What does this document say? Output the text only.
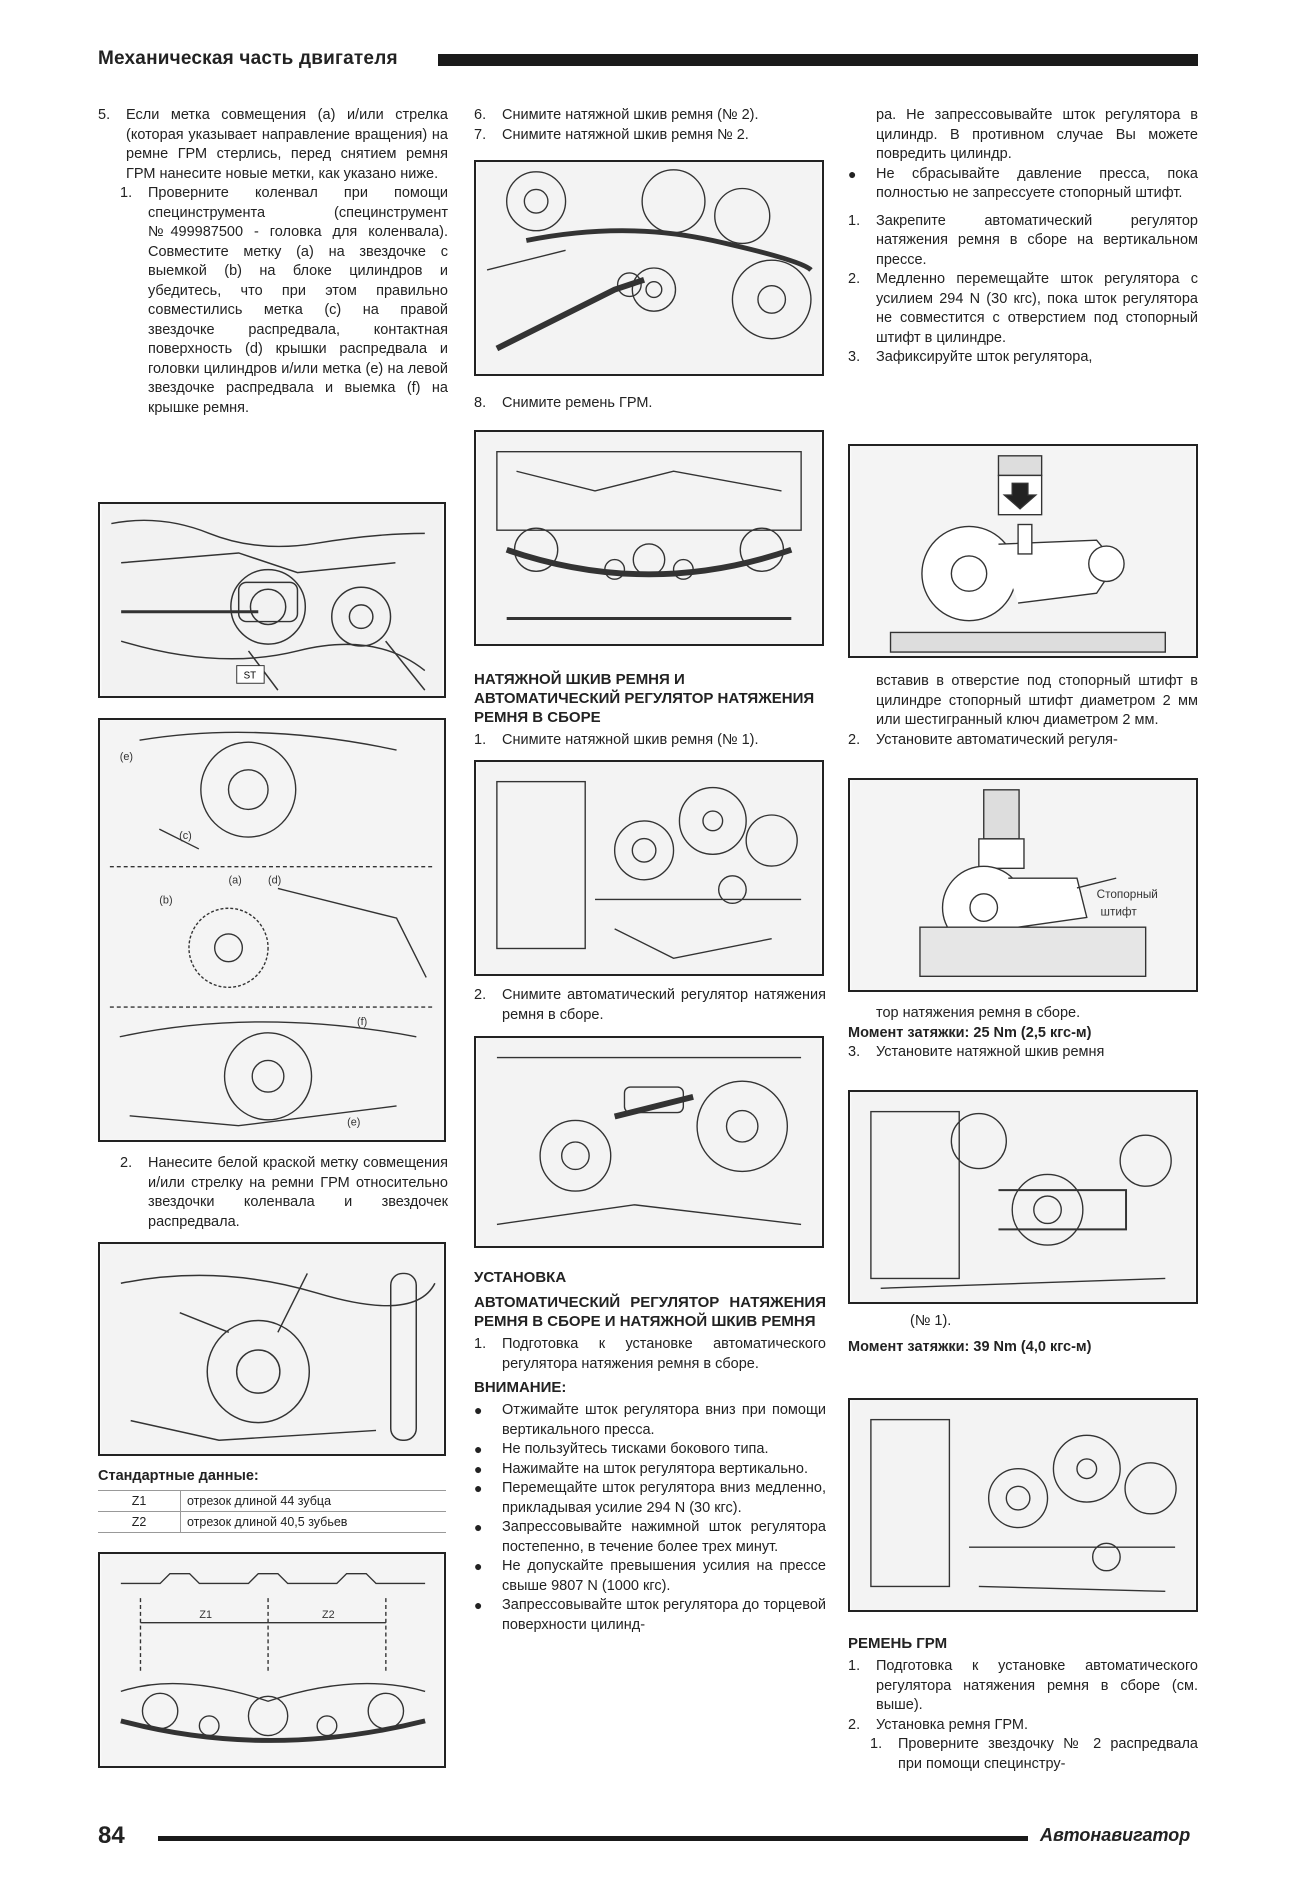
Механическая часть двигателя
5.	Если метка совмещения (a) и/или стрелка (которая указывает направление вращения) на ремне ГРМ стерлись, перед снятием ремня ГРМ нанесите новые метки, как указано ниже.
1.	Проверните коленвал при помощи специнструмента (специнструмент №499987500 - головка для коленвала). Совместите метку (a) на звездочке с выемкой (b) на блоке цилиндров и убедитесь, что при этом правильно совместились метка (c) на правой звездочке распредвала, контактная поверхность (d) крышки распредвала и головки цилиндров и/или метка (e) на левой звездочке распредвала и выемка (f) на крышке ремня.
ST
(e)
(c)
(a) (d)
(b)
(f)
(e)
2.	Нанесите белой краской метку совмещения и/или стрелку на ремни ГРМ относительно звездочки коленвала и звездочек распредвала.
Стандартные данные:
Z1	отрезок длиной 44 зубца
Z2	отрезок длиной 40,5 зубьев
Z1	Z2
6.	Снимите натяжной шкив ремня (№ 2).
7.	Снимите натяжной шкив ремня № 2.
8.	Снимите ремень ГРМ.
НАТЯЖНОЙ ШКИВ РЕМНЯ И АВТОМАТИЧЕСКИЙ РЕГУЛЯТОР НАТЯЖЕНИЯ РЕМНЯ В СБОРЕ
1.	Снимите натяжной шкив ремня (№ 1).
2.	Снимите автоматический регулятор натяжения ремня в сборе.
УСТАНОВКА
АВТОМАТИЧЕСКИЙ РЕГУЛЯТОР НАТЯЖЕНИЯ РЕМНЯ В СБОРЕ И НАТЯЖНОЙ ШКИВ РЕМНЯ
1.	Подготовка к установке автоматического регулятора натяжения ремня в сборе.
ВНИМАНИЕ:
●	Отжимайте шток регулятора вниз при помощи вертикального пресса.
●	Не пользуйтесь тисками бокового типа.
●	Нажимайте на шток регулятора вертикально.
●	Перемещайте шток регулятора вниз медленно, прикладывая усилие 294 N (30 кгс).
●	Запрессовывайте нажимной шток регулятора постепенно, в течение более трех минут.
●	Не допускайте превышения усилия на прессе свыше 9807 N (1000 кгс).
●	Запрессовывайте шток регулятора до торцевой поверхности цилинд-
ра. Не запрессовывайте шток регулятора в цилиндр. В противном случае Вы можете повредить цилиндр.
●	Не сбрасывайте давление пресса, пока полностью не запрессуете стопорный штифт.
1.	Закрепите автоматический регулятор натяжения ремня в сборе на вертикальном прессе.
2.	Медленно перемещайте шток регулятора с усилием 294 N (30 кгс), пока шток регулятора не совместится с отверстием под стопорный штифт в цилиндре.
3.	Зафиксируйте шток регулятора,
вставив в отверстие под стопорный штифт в цилиндре стопорный штифт диаметром 2 мм или шестигранный ключ диаметром 2 мм.
2.	Установите автоматический регуля-
Стопорный
штифт
тор натяжения ремня в сборе.
Момент затяжки: 25 Nm (2,5 кгс-м)
3.	Установите натяжной шкив ремня
(№ 1).
Момент затяжки: 39 Nm (4,0 кгс-м)
РЕМЕНЬ ГРМ
1.	Подготовка к установке автоматического регулятора натяжения ремня в сборе (см. выше).
2.	Установка ремня ГРМ.
1.	Проверните звездочку № 2 распредвала при помощи специнстру-
84	Автонавигатор
